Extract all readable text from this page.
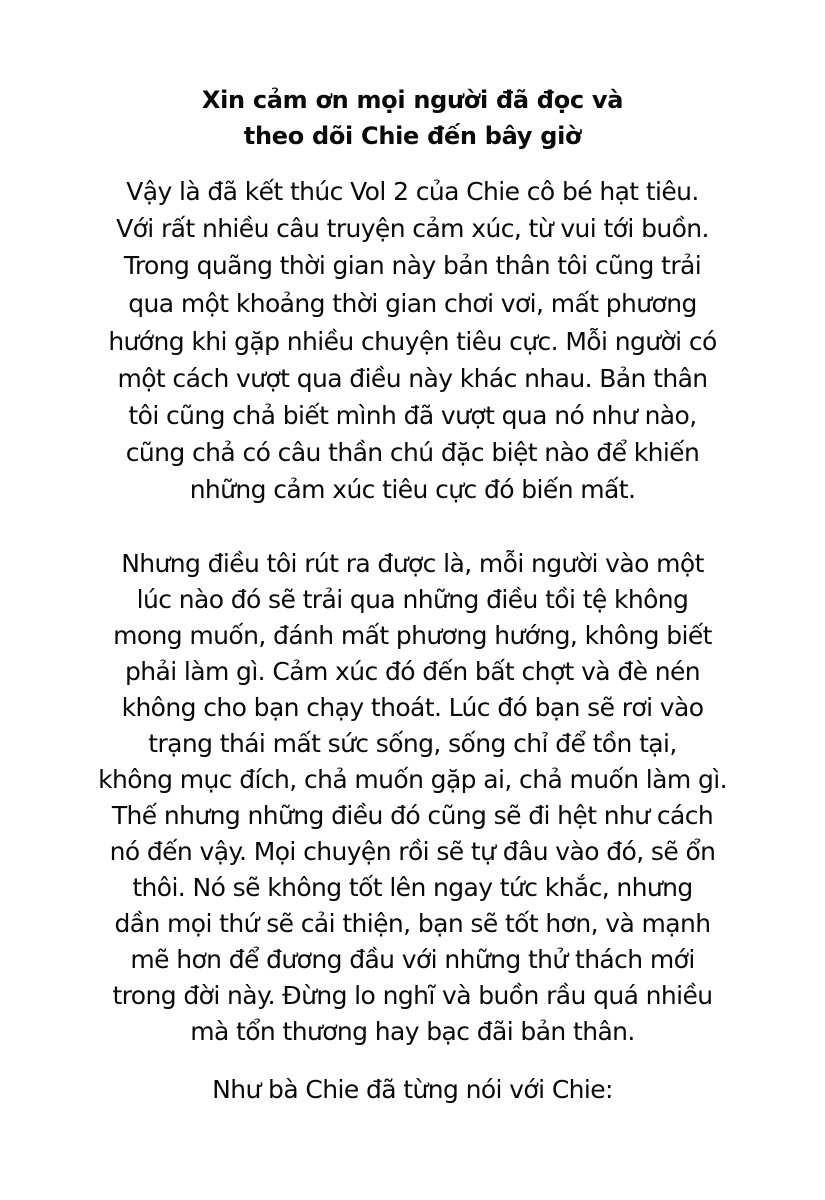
Xin cảm ơn mọi người đã đọc và
theo dõi Chie đến bây giờ
Vậy là đã kết thúc Vol 2 của Chie cô bé hạt tiêu.
Với rất nhiều câu truyện cảm xúc, từ vui tới buồn.
Trong quãng thời gian này bản thân tôi cũng trải
qua một khoảng thời gian chơi vơi, mất phương
hướng khi gặp nhiều chuyện tiêu cực. Mỗi người có
một cách vượt qua điều này khác nhau. Bản thân
tôi cũng chả biết mình đã vượt qua nó như nào,
cũng chả có câu thần chú đặc biệt nào để khiến
những cảm xúc tiêu cực đó biến mất.
Nhưng điều tôi rút ra được là, mỗi người vào một
lúc nào đó sẽ trải qua những điều tồi tệ không
mong muốn, đánh mất phương hướng, không biết
phải làm gì. Cảm xúc đó đến bất chợt và đè nén
không cho bạn chạy thoát. Lúc đó bạn sẽ rơi vào
trạng thái mất sức sống, sống chỉ để tồn tại,
không mục đích, chả muốn gặp ai, chả muốn làm gì.
Thế nhưng những điều đó cũng sẽ đi hệt như cách
nó đến vậy. Mọi chuyện rồi sẽ tự đâu vào đó, sẽ ổn
thôi. Nó sẽ không tốt lên ngay tức khắc, nhưng
dần mọi thứ sẽ cải thiện, bạn sẽ tốt hơn, và mạnh
mẽ hơn để đương đầu với những thử thách mới
trong đời này. Đừng lo nghĩ và buồn rầu quá nhiều
mà tổn thương hay bạc đãi bản thân.
Như bà Chie đã từng nói với Chie:
